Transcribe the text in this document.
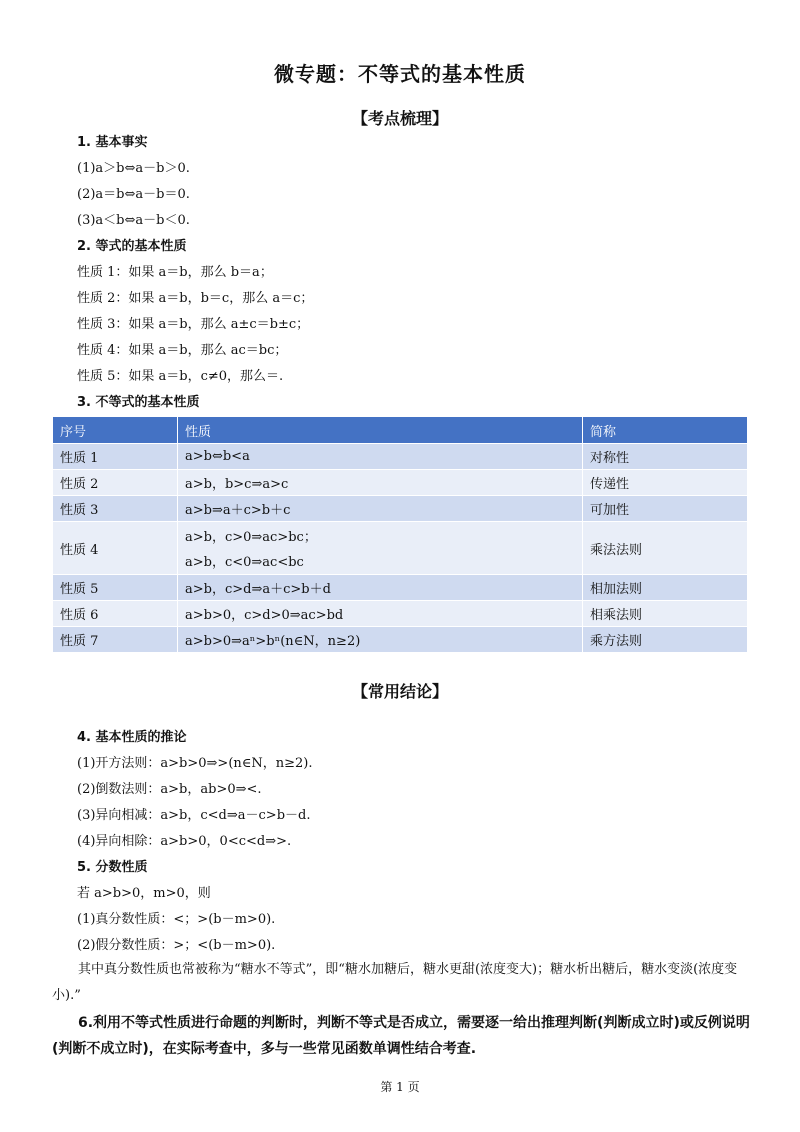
微专题：不等式的基本性质
【考点梳理】
1. 基本事实
(1)a＞b⇔a－b＞0.
(2)a＝b⇔a－b＝0.
(3)a＜b⇔a－b＜0.
2. 等式的基本性质
性质 1：如果 a＝b，那么 b＝a；
性质 2：如果 a＝b，b＝c，那么 a＝c；
性质 3：如果 a＝b，那么 a±c＝b±c；
性质 4：如果 a＝b，那么 ac＝bc；
性质 5：如果 a＝b，c≠0，那么＝.
3. 不等式的基本性质
序号	性质	简称
性质 1	a>b⇔b<a	对称性
性质 2	a>b，b>c⇒a>c	传递性
性质 3	a>b⇒a＋c>b＋c	可加性
性质 4	a>b，c>0⇒ac>bc；
a>b，c<0⇒ac<bc	乘法法则
性质 5	a>b，c>d⇒a＋c>b＋d	相加法则
性质 6	a>b>0，c>d>0⇒ac>bd	相乘法则
性质 7	a>b>0⇒aⁿ>bⁿ(n∈N，n≥2)	乘方法则
【常用结论】
4. 基本性质的推论
(1)开方法则：a>b>0⇒>(n∈N，n≥2).
(2)倒数法则：a>b，ab>0⇒<.
(3)异向相减：a>b，c<d⇒a－c>b－d.
(4)异向相除：a>b>0，0<c<d⇒>.
5. 分数性质
若 a>b>0，m>0，则
(1)真分数性质：<；>(b－m>0).
(2)假分数性质：>；<(b－m>0).
其中真分数性质也常被称为“糖水不等式”，即“糖水加糖后，糖水更甜(浓度变大)；糖水析出糖后，糖水变淡(浓度变小).”
6.利用不等式性质进行命题的判断时，判断不等式是否成立，需要逐一给出推理判断(判断成立时)或反例说明(判断不成立时)，在实际考查中，多与一些常见函数单调性结合考查.
第 1 页
